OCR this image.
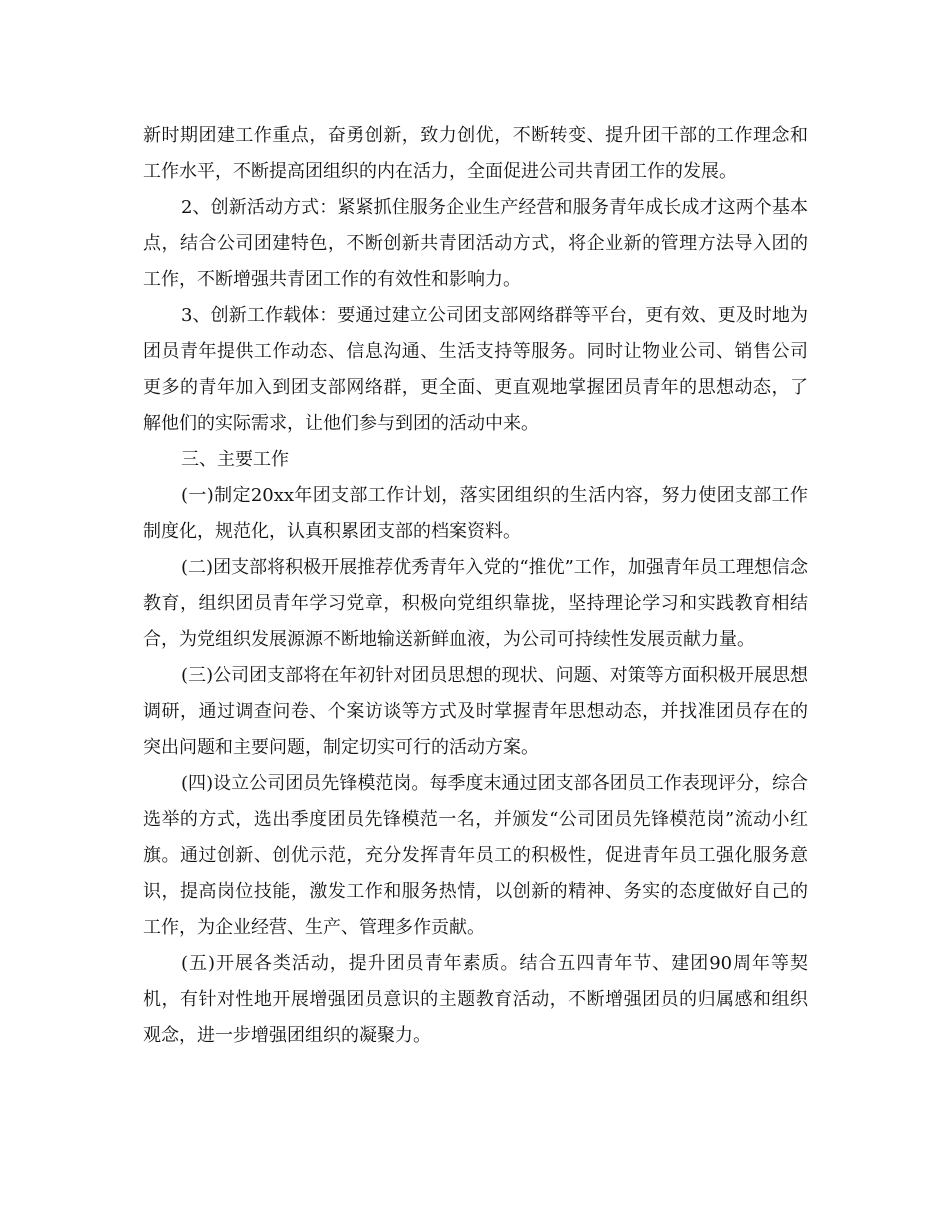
新时期团建工作重点，奋勇创新，致力创优，不断转变、提升团干部的工作理念和工作水平，不断提高团组织的内在活力，全面促进公司共青团工作的发展。

2、创新活动方式：紧紧抓住服务企业生产经营和服务青年成长成才这两个基本点，结合公司团建特色，不断创新共青团活动方式，将企业新的管理方法导入团的工作，不断增强共青团工作的有效性和影响力。

3、创新工作载体：要通过建立公司团支部网络群等平台，更有效、更及时地为团员青年提供工作动态、信息沟通、生活支持等服务。同时让物业公司、销售公司更多的青年加入到团支部网络群，更全面、更直观地掌握团员青年的思想动态，了解他们的实际需求，让他们参与到团的活动中来。

三、主要工作

(一)制定20xx年团支部工作计划，落实团组织的生活内容，努力使团支部工作制度化，规范化，认真积累团支部的档案资料。

(二)团支部将积极开展推荐优秀青年入党的“推优”工作，加强青年员工理想信念教育，组织团员青年学习党章，积极向党组织靠拢，坚持理论学习和实践教育相结合，为党组织发展源源不断地输送新鲜血液，为公司可持续性发展贡献力量。

(三)公司团支部将在年初针对团员思想的现状、问题、对策等方面积极开展思想调研，通过调查问卷、个案访谈等方式及时掌握青年思想动态，并找准团员存在的突出问题和主要问题，制定切实可行的活动方案。

(四)设立公司团员先锋模范岗。每季度末通过团支部各团员工作表现评分，综合选举的方式，选出季度团员先锋模范一名，并颁发“公司团员先锋模范岗”流动小红旗。通过创新、创优示范，充分发挥青年员工的积极性，促进青年员工强化服务意识，提高岗位技能，激发工作和服务热情，以创新的精神、务实的态度做好自己的工作，为企业经营、生产、管理多作贡献。

(五)开展各类活动，提升团员青年素质。结合五四青年节、建团90周年等契机，有针对性地开展增强团员意识的主题教育活动，不断增强团员的归属感和组织观念，进一步增强团组织的凝聚力。
